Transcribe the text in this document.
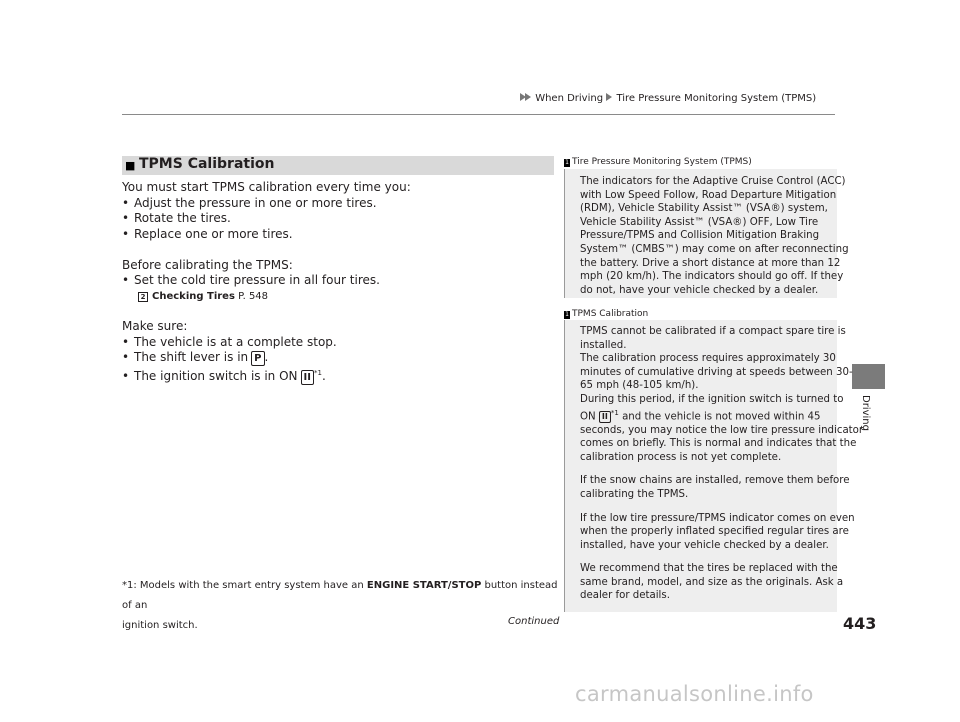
When Driving Tire Pressure Monitoring System (TPMS)
Driving
■ TPMS Calibration
You must start TPMS calibration every time you:
• Adjust the pressure in one or more tires.
• Rotate the tires.
• Replace one or more tires.
Before calibrating the TPMS:
• Set the cold tire pressure in all four tires.
2 Checking Tires P. 548
Make sure:
• The vehicle is at a complete stop.
• The shift lever is in P .
• The ignition switch is in ON II $^{*1}$.
*1: Models with the smart entry system have an ENGINE START/STOP button instead of an
ignition switch.	Continued	443
1 Tire Pressure Monitoring System (TPMS)
The indicators for the Adaptive Cruise Control (ACC)
with Low Speed Follow, Road Departure Mitigation
(RDM), Vehicle Stability Assist™ (VSA®) system,
Vehicle Stability Assist™ (VSA®) OFF, Low Tire
Pressure/TPMS and Collision Mitigation Braking
System™ (CMBS™) may come on after reconnecting
the battery. Drive a short distance at more than 12
mph (20 km/h). The indicators should go off. If they
do not, have your vehicle checked by a dealer.
1 TPMS Calibration
TPMS cannot be calibrated if a compact spare tire is
installed.
The calibration process requires approximately 30
minutes of cumulative driving at speeds between 30-
65 mph (48-105 km/h).
During this period, if the ignition switch is turned to
ON II $^{*1}$ and the vehicle is not moved within 45
seconds, you may notice the low tire pressure indicator
comes on briefly. This is normal and indicates that the
calibration process is not yet complete.
If the snow chains are installed, remove them before
calibrating the TPMS.
If the low tire pressure/TPMS indicator comes on even
when the properly inflated specified regular tires are
installed, have your vehicle checked by a dealer.
We recommend that the tires be replaced with the
same brand, model, and size as the originals. Ask a
dealer for details.
carmanualsonline.info
